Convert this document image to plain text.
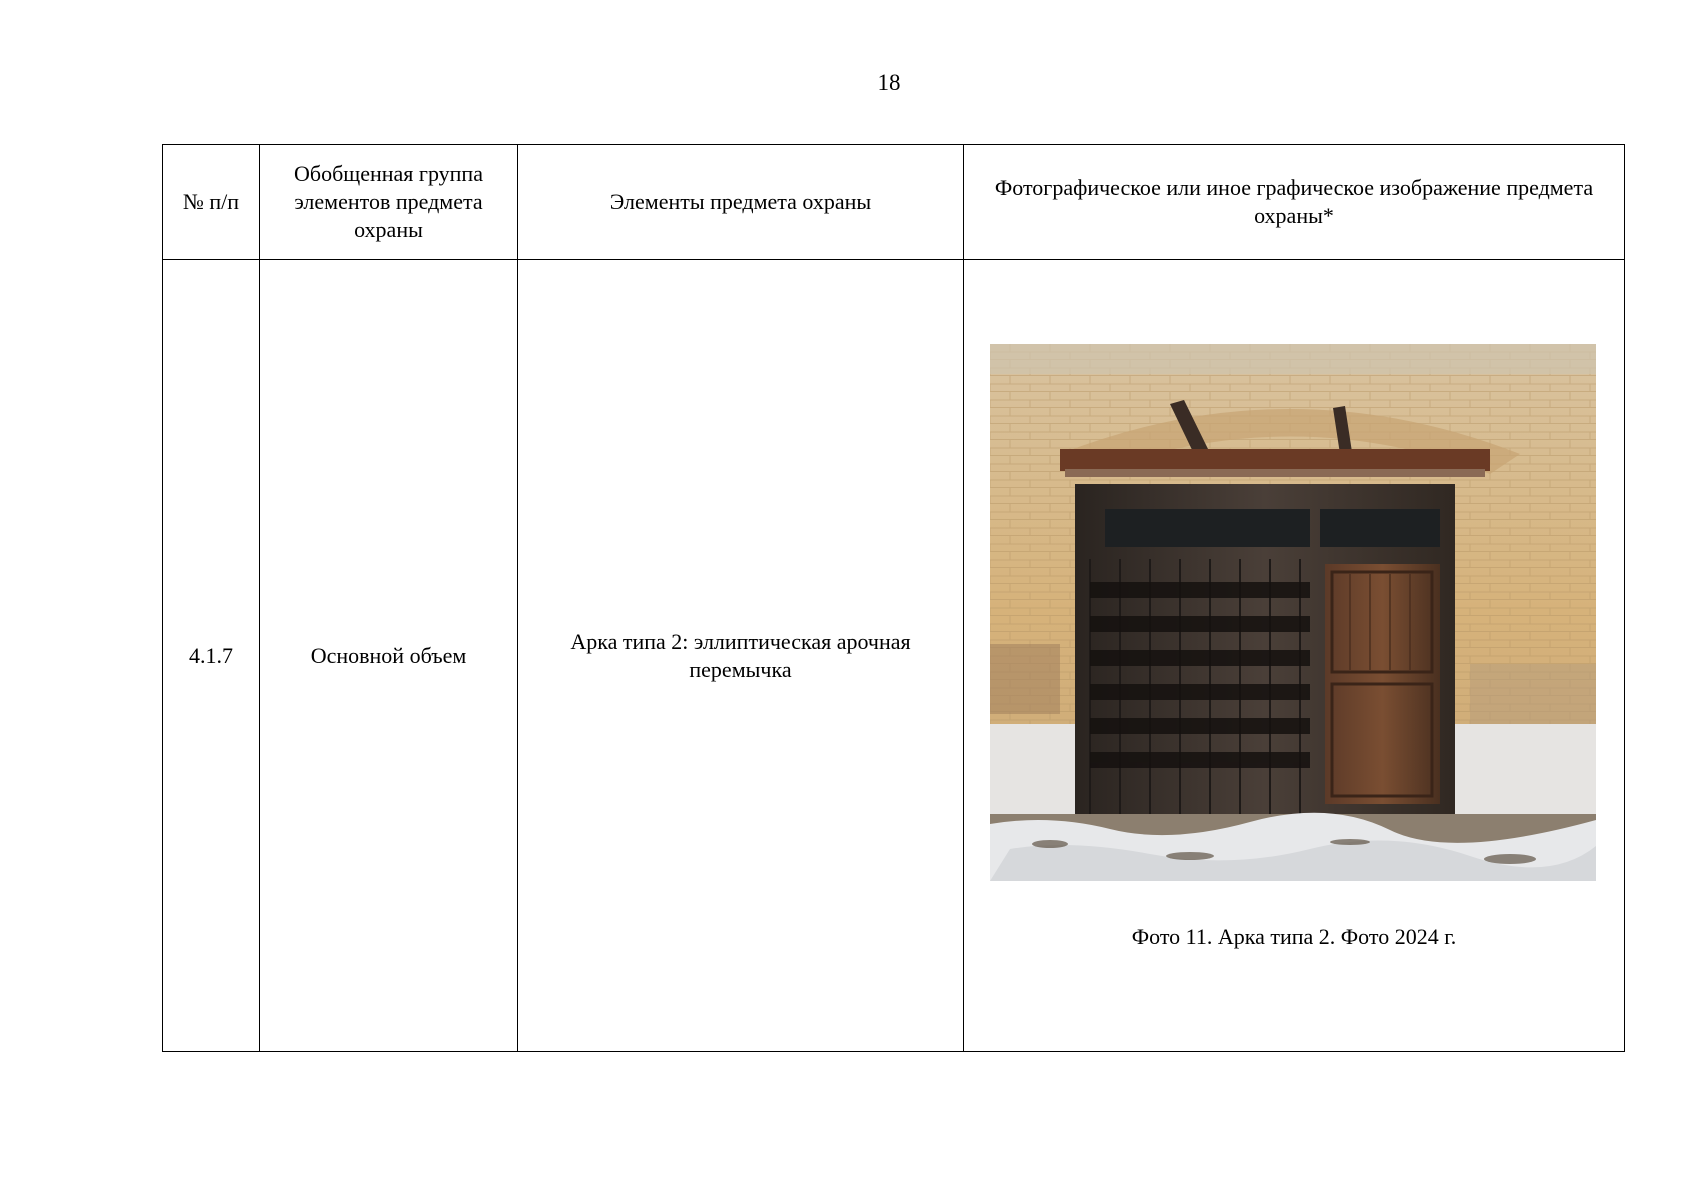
18
№ п/п	Обобщенная группа элементов предмета охраны	Элементы предмета охраны	Фотографическое или иное графическое изображение предмета охраны*
4.1.7	Основной объем	Арка типа 2: эллиптическая арочная перемычка	Фото 11. Арка типа 2. Фото 2024 г.
